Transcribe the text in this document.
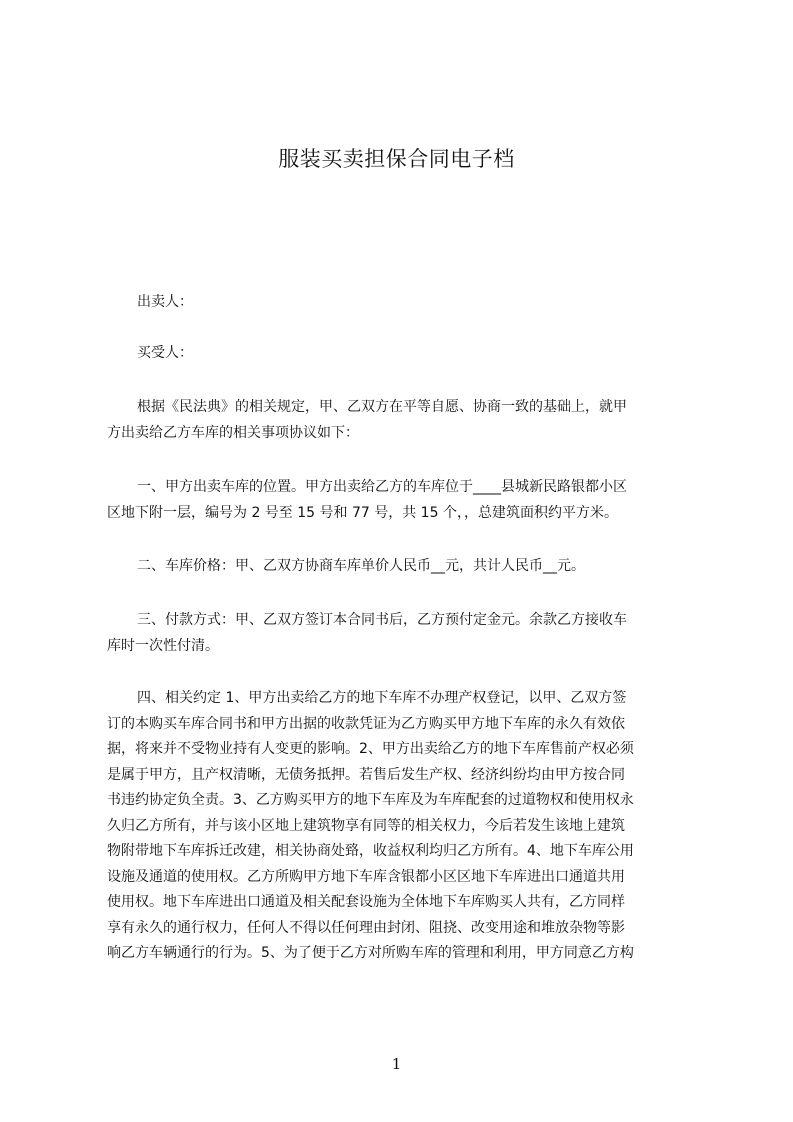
服装买卖担保合同电子档
出卖人：
买受人：
根据《民法典》的相关规定，甲、乙双方在平等自愿、协商一致的基础上，就甲
方出卖给乙方车库的相关事项协议如下：
一、甲方出卖车库的位置。甲方出卖给乙方的车库位于____县城新民路银都小区
区地下附一层，编号为 2 号至 15 号和 77 号，共 15 个，，总建筑面积约平方米。
二、车库价格：甲、乙双方协商车库单价人民币__元，共计人民币__元。
三、付款方式：甲、乙双方签订本合同书后，乙方预付定金元。余款乙方接收车
库时一次性付清。
四、相关约定 1、甲方出卖给乙方的地下车库不办理产权登记，以甲、乙双方签
订的本购买车库合同书和甲方出据的收款凭证为乙方购买甲方地下车库的永久有效依
据，将来并不受物业持有人变更的影响。2、甲方出卖给乙方的地下车库售前产权必须
是属于甲方，且产权清晰，无债务抵押。若售后发生产权、经济纠纷均由甲方按合同
书违约协定负全责。3、乙方购买甲方的地下车库及为车库配套的过道物权和使用权永
久归乙方所有，并与该小区地上建筑物享有同等的相关权力，今后若发生该地上建筑
物附带地下车库拆迁改建，相关协商处臵，收益权利均归乙方所有。4、地下车库公用
设施及通道的使用权。乙方所购甲方地下车库含银都小区区地下车库进出口通道共用
使用权。地下车库进出口通道及相关配套设施为全体地下车库购买人共有，乙方同样
享有永久的通行权力，任何人不得以任何理由封闭、阻挠、改变用途和堆放杂物等影
响乙方车辆通行的行为。5、为了便于乙方对所购车库的管理和利用，甲方同意乙方构
1
